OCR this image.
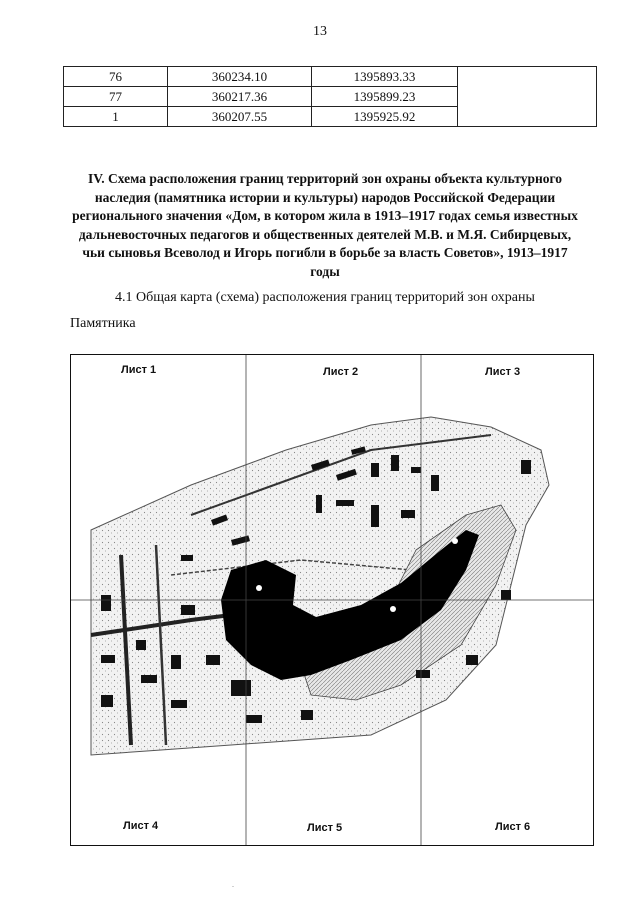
13
76	360234.10	1395893.33	
77	360217.36	1395899.23	
1	360207.55	1395925.92	
IV. Схема расположения границ территорий зон охраны объекта культурного наследия (памятника истории и культуры) народов Российской Федерации регионального значения «Дом, в котором жила в 1913–1917 годах семья известных дальневосточных педагогов и общественных деятелей М.В. и М.Я. Сибирцевых, чьи сыновья Всеволод и Игорь погибли в борьбе за власть Советов», 1913–1917 годы
4.1 Общая карта (схема) расположения границ территорий зон охраны
Памятника
Лист 1	Лист 2	Лист 3
Лист 4	Лист 5	Лист 6
.
